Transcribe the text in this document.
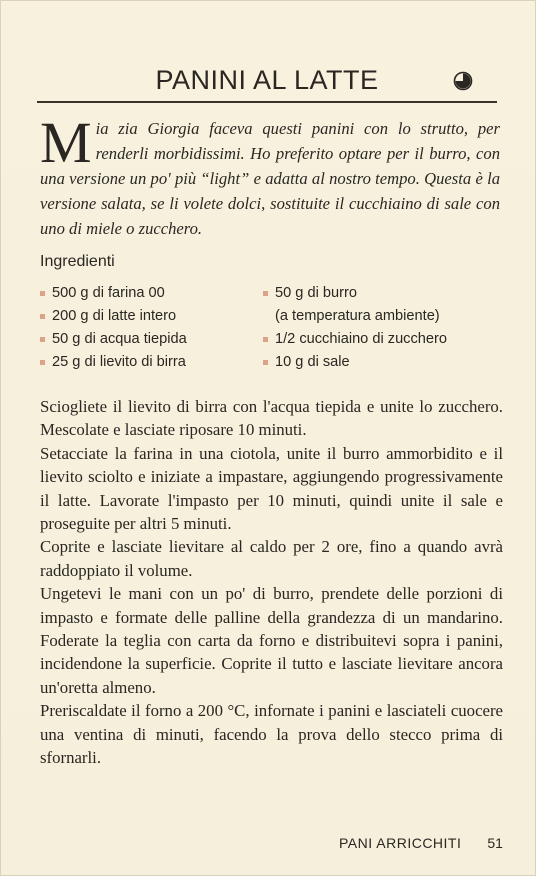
PANINI AL LATTE
Mia zia Giorgia faceva questi panini con lo strutto, per renderli morbidissimi. Ho preferito optare per il burro, con una versione un po' più “light” e adatta al nostro tempo. Questa è la versione salata, se li volete dolci, sostituite il cucchiaino di sale con uno di miele o zucchero.
Ingredienti
500 g di farina 00
200 g di latte intero
50 g di acqua tiepida
25 g di lievito di birra
50 g di burro
(a temperatura ambiente)
1/2 cucchiaino di zucchero
10 g di sale

Sciogliete il lievito di birra con l'acqua tiepida e unite lo zucchero. Mescolate e lasciate riposare 10 minuti.

Setacciate la farina in una ciotola, unite il burro ammorbidito e il lievito sciolto e iniziate a impastare, aggiungendo progressivamente il latte. Lavorate l'impasto per 10 minuti, quindi unite il sale e proseguite per altri 5 minuti.

Coprite e lasciate lievitare al caldo per 2 ore, fino a quando avrà raddoppiato il volume.

Ungetevi le mani con un po' di burro, prendete delle porzioni di impasto e formate delle palline della grandezza di un mandarino. Foderate la teglia con carta da forno e distribuitevi sopra i panini, incidendone la superficie. Coprite il tutto e lasciate lievitare ancora un'oretta almeno.

Preriscaldate il forno a 200 °C, infornate i panini e lasciateli cuocere una ventina di minuti, facendo la prova dello stecco prima di sfornarli.

PANI ARRICCHITI 51
